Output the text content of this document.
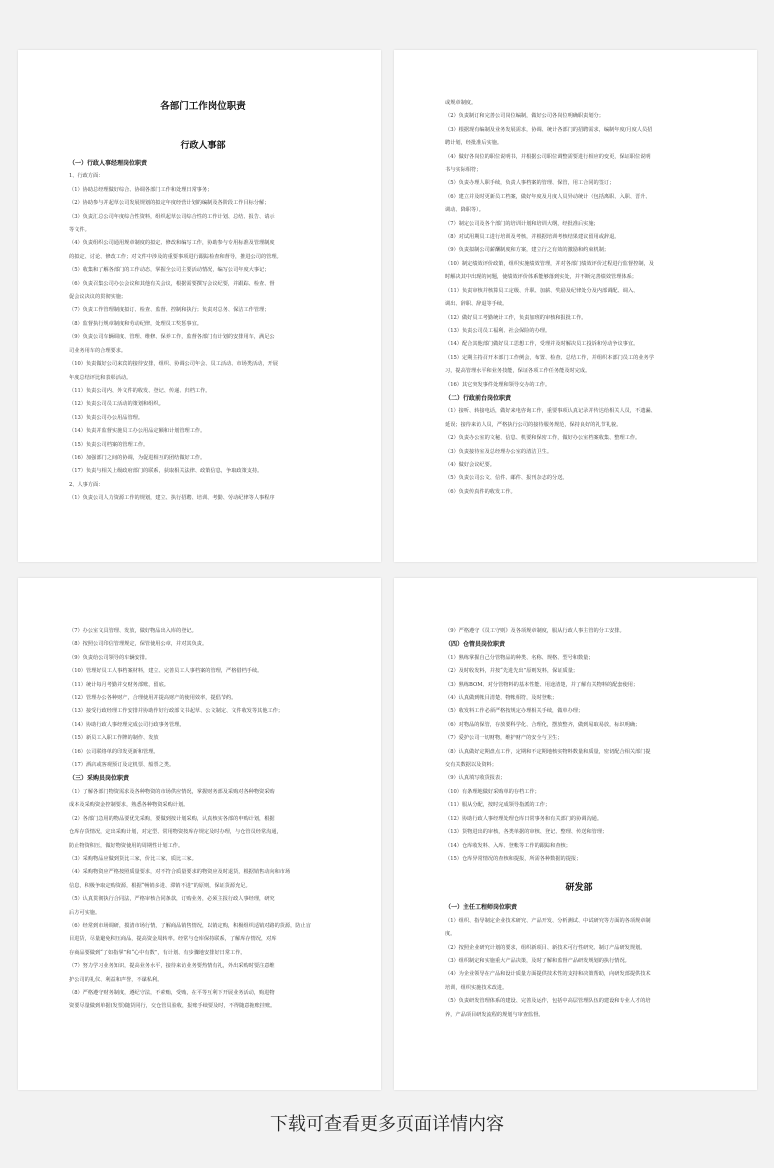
各部门工作岗位职责
行政人事部
（一）行政人事经理岗位职责
1、行政方面：
（1）协助总经理做好综合、协调各部门工作和处理日常事务；
（2）协助参与并起草公司发展规划的拟定年度经营计划的编制及各阶段工作目标分解；
（3）负责汇总公司年度综合性资料，组织起草公司综合性的工作计划、总结、报告、请示
等文件。
（4）负责组织公司通用规章制度的拟定、修改和编写工作，协助参与专用标准及管理制度
的拟定、讨论、修改工作；对文件中涉及的重要事项进行跟踪检查和督导，推进公司的管理。
（5）收集和了解各部门的工作动态，掌握全公司主要活动情况，编写公司年度大事记；
（6）负责召集公司办公会议和其他有关会议，根据需要撰写会议纪要，并跟踪、检查、督
促会议决议的贯彻实施；
（7）负责工作管理制度拟订、检查、监督、控制和执行；负责对总务、保洁工作管理；
（8）监督执行规章制度和劳动纪律，处理员工奖惩事宜。
（9）负责公司车辆调度、管理、维修、保养工作，监督各部门有计划的安排用车，满足公
司业务用车的合理要求。
（10）负责做好公司来宾的接待安排，组织、协调公司年会、员工活动、市场类活动，开展
年度总结评比和表彰活动。
（11）负责公司内、外文件的收发、登记、传递、归档工作。
（12）负责公司员工活动的策划和组织。
（13）负责公司办公用品管理。
（14）负责并监督实施员工办公用品定额和计划管理工作。
（15）负责公司档案的管理工作。
（16）加强部门之间的协调，为促进相互的团结做好工作。
（17）负责与相关上级政府部门的联系，获取相关法律、政策信息，争取政策支持。
2、人事方面：
（1）负责公司人力资源工作的规划，建立、执行招聘、培训、考勤、劳动纪律等人事程序
或规章制度。
（2）负责制订和完善公司岗位编制，做好公司各岗位明确职责划分；
（3）根据现有编制及业务发展需求，协调、统计各部门的招聘需求，编制年度/月度人员招
聘计划，经批准后实施。
（4）做好各岗位的职位说明书，并根据公司职位调整需要进行相应的变更，保证职位说明
书与实际相符；
（5）负责办理人职手续，负责人事档案的管理、保管，用工合同的签订；
（6）建立并及时更新员工档案，做好年度及月度人员异动统计（包括离职、入职、晋升、
调动、降职等）。
（7）制定公司及各个部门的培训计划和培训大纲，经批准后实施；
（8）对试用期员工进行培训及考核，并根据培训考核结果建议留用或辞退。
（9）负责拟制公司薪酬制度和方案，建立行之有效的激励和约束机制；
（10）制定绩效评价政策，组织实施绩效管理，并对各部门绩效评价过程进行监督控制，及
时解决其中出现的问题，使绩效评价体系能够落到实处，并不断完善绩效管理体系；
（11）负责审核并核算员工定级、升职、加薪、奖励及纪律处分及内部调配、调入、
调出、辞职、辞退等手续。
（12）做好员工考勤统计工作，负责加班的审核和报批工作。
（13）负责公司员工福利、社会保险的办理。
（14）配合其他部门做好员工思想工作，受理并及时解决员工投诉和劳动争议事宜。
（15）定期主持召开本部门工作例会，布置、检查、总结工作，并组织本部门员工的业务学
习，提高管理水平和业务技能，保证各项工作任务能及时完成。
（16）其它突发事件处理和领导交办的工作。
（二）行政前台岗位职责
（1）接听、转接电话，做好来电咨询工作，重要事项认真记录并传达给相关人员，不遗漏、
延误；接待来访人员，严格执行公司的接待服务规范，保持良好的礼节礼貌。
（2）负责办公室的文秘、信息、机要和保密工作，做好办公室档案收集、整理工作。
（3）负责接待室及总经理办公室的清洁卫生。
（4）做好会议纪要。
（5）负责公司公文、信件、邮件、报刊杂志的分送。
（6）负责传真件的收发工作。
（7）办公室文具管理、发放，做好物品出入库的登记。
（8）按照公司印信管理规定，保管使用公章，并对其负责。
（9）负责给公司领导的车辆安排。
（10）管理好员工人事档案材料，建立、完善员工人事档案的管理，严格借档手续。
（11）统计每月考勤并交财务部账，留底。
（12）管理办公各种财产，合理使用并提高财产的使用效率，提倡节约。
（13）接受行政经理工作安排并协助作好行政部文书起草、公文制定、文件收发等其他工作；
（14）协助行政人事经理完成公司行政事务管理。
（15）新员工入职工作牌的制作、发放
（16）公司联络单的印发更新和管理。
（17）酒店或客观预订及定机票、船票之类。
（三）采购员岗位职责
（1）了解各部门物资需求及各种物资的市场供应情况，掌握财务部及采购对各种物资采购
成本及采购资金控制要求，熟悉各种物资采购计划。
（2）各部门急用的物品要优先采购，要做到按计划采购，认真核实各部的申购计划，根据
仓库存货情况，定出采购计划，对定型、常用物资按库存规定及时办理，与仓管员经常沟通，
防止物资积压，做好物资使用的周期性计划工作。
（3）采购物品应做到货比三家，价比三家，质比三家。
（4）采购物资应严格按照质量要求，对不符合质量要求的物资应及时退货，根据销售动向和市场
信息，积极争取定购资源，根据“畅销多进、滞销不进”的原则，保证货源充足。
（5）认真贯彻执行合同法，严格审核合同条款，订购业务，必须主报行政人事经理，研究
后方可实施。
（6）经常到市场调研，摸清市场行情，了解商品销售情况，以销定购，积极组织适销对路的货源，防止盲
目进货，尽量避免积压商品，提高资金周转率。经常与仓库保持联系，了解库存情况，对库
存商品要做到“了如指掌”和“心中有数”，有计划、有步骤地安排好日常工作。
（7）努力学习业务知识，提高业务水平，接待来访业务要热情有礼，外出采购时要注意维
护公司的礼仪、利益和声誉，不谋私利。
（8）严格遵守财务制度，遵纪守法，不索贿，受贿，在平等互利下开展业务活动，购进物
资要尽量做到单据(发票)随货同行，交仓管员验收，报账手续要及时，不得随意拖账挂账。
（9）严格遵守《员工守则》及各项规章制度，服从行政人事主管的分工安排。
（四）仓管员岗位职责
（1）熟练掌握自己分管物品的种类、名称、规格、型号和数量；
（2）及时收发料，并按“先进先出”原则发料，保证质量；
（3）熟练BOM、对分管物料的基本性能、用途清楚，并了解有关物料的配套使用；
（4）认真做到帐目清楚、物帐相符，及时登帐；
（5）收发料工作必须严格按规定办理相关手续，做单办理；
（6）对物品的保管，存放要科学化、合理化，摆放整齐，做到易取易放，标识明确；
（7）爱护公司一切财物，维护财产的安全与卫生；
（8）认真做好定期盘点工作，定期和不定期地核实物料数量和质量，密切配合相关部门提
交有关数据以及资料；
（9）认真填写收货报表；
（10）有条理地做好采购单的存档工作；
（11）服从分配，按时完成领导指派的工作；
（12）协助行政人事经理处理仓库日常事务和有关部门的协调沟通。
（13）货物进出的审核，各类单据的审核、登记、整理、传送和管理；
（14）仓库收发料、入库、登帐等工作的跟踪和查核；
（15）仓库异常情况的查核和提报，所需各种数据的提报；
研发部
（一）主任工程师岗位职责
（1）组织、指导制定企业技术研究、产品开发、分析测试、中试研究等方面的各项规章制
度。
（2）按照企业研究计划的要求，组织新项目、新技术可行性研究、制订产品研发规划。
（3）组织制定和实施重大产品决策，及时了解和监督产品研发规划的执行情况。
（4）为企业领导在产品和设计质量方面提供技术性的支持和决策帮助，向研发部提供技术
培训，组织实施技术改进。
（5）负责研发管理体系的建设、完善及运作，包括中高层管理队伍的建设和专业人才的培
养，产品项目研发流程的规划与审查监督。
下载可查看更多页面详情内容
